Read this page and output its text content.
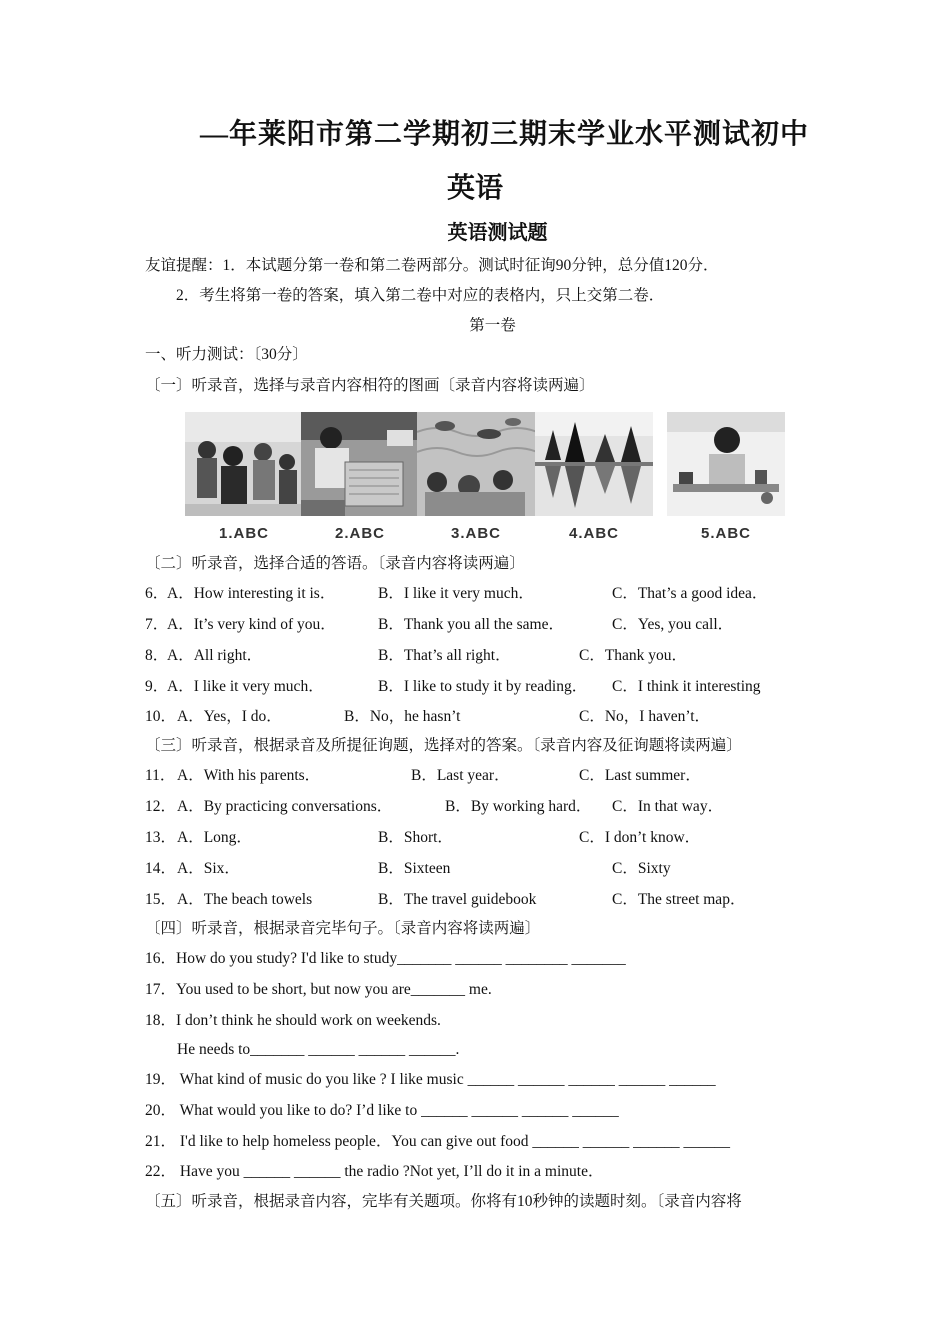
—年莱阳市第二学期初三期末学业水平测试初中
英语
英语测试题
友谊提醒：1．本试题分第一卷和第二卷两部分。测试时征询90分钟，总分值120分．
2．考生将第一卷的答案，填入第二卷中对应的表格内，只上交第二卷．
第一卷
一、听力测试：〔30分〕
〔一〕听录音，选择与录音内容相符的图画〔录音内容将读两遍〕
1.ABC	2.ABC	3.ABC	4.ABC	5.ABC
〔二〕听录音，选择合适的答语。〔录音内容将读两遍〕
6．
A．How interesting it is．	B．I like it very much．	C．That’s a good idea．
7．
A．It’s very kind of you．	B．Thank you all the same．	C．Yes, you call．
8．
A．All right．	B．That’s all right．	C．Thank you．
9．
A．I like it very much．	B．I like to study it by reading． C．I think it interesting
10． A．Yes，I do．	B．No，he hasn’t	C．No，I haven’t．
〔三〕听录音，根据录音及所提征询题，选择对的答案。〔录音内容及征询题将读两遍〕
11． A．With his parents．	B．Last year．	C．Last summer．
12． A．By practicing conversations．	B．By working hard． C．In that way．
13． A．Long．	B．Short．	C．I don’t know．
14． A．Six．	B．Sixteen	C．Sixty
15． A．The beach towels	B．The travel guidebook	C．The street map．
〔四〕听录音，根据录音完毕句子。〔录音内容将读两遍〕
16．How do you study? I'd like to study_______ ______ ________ _______
17．You used to be short, but now you are_______ me.
18．I don’t think he should work on weekends.
He needs to_______ ______ ______ ______.
19． What kind of music do you like ? I like music ______ ______ ______ ______ ______
20． What would you like to do? I’d like to ______ ______ ______ ______
21． I'd like to help homeless people．You can give out food ______ ______ ______ ______
22． Have you ______ ______ the radio ?Not yet, I’ll do it in a minute．
〔五〕听录音，根据录音内容，完毕有关题项。你将有10秒钟的读题时刻。〔录音内容将
